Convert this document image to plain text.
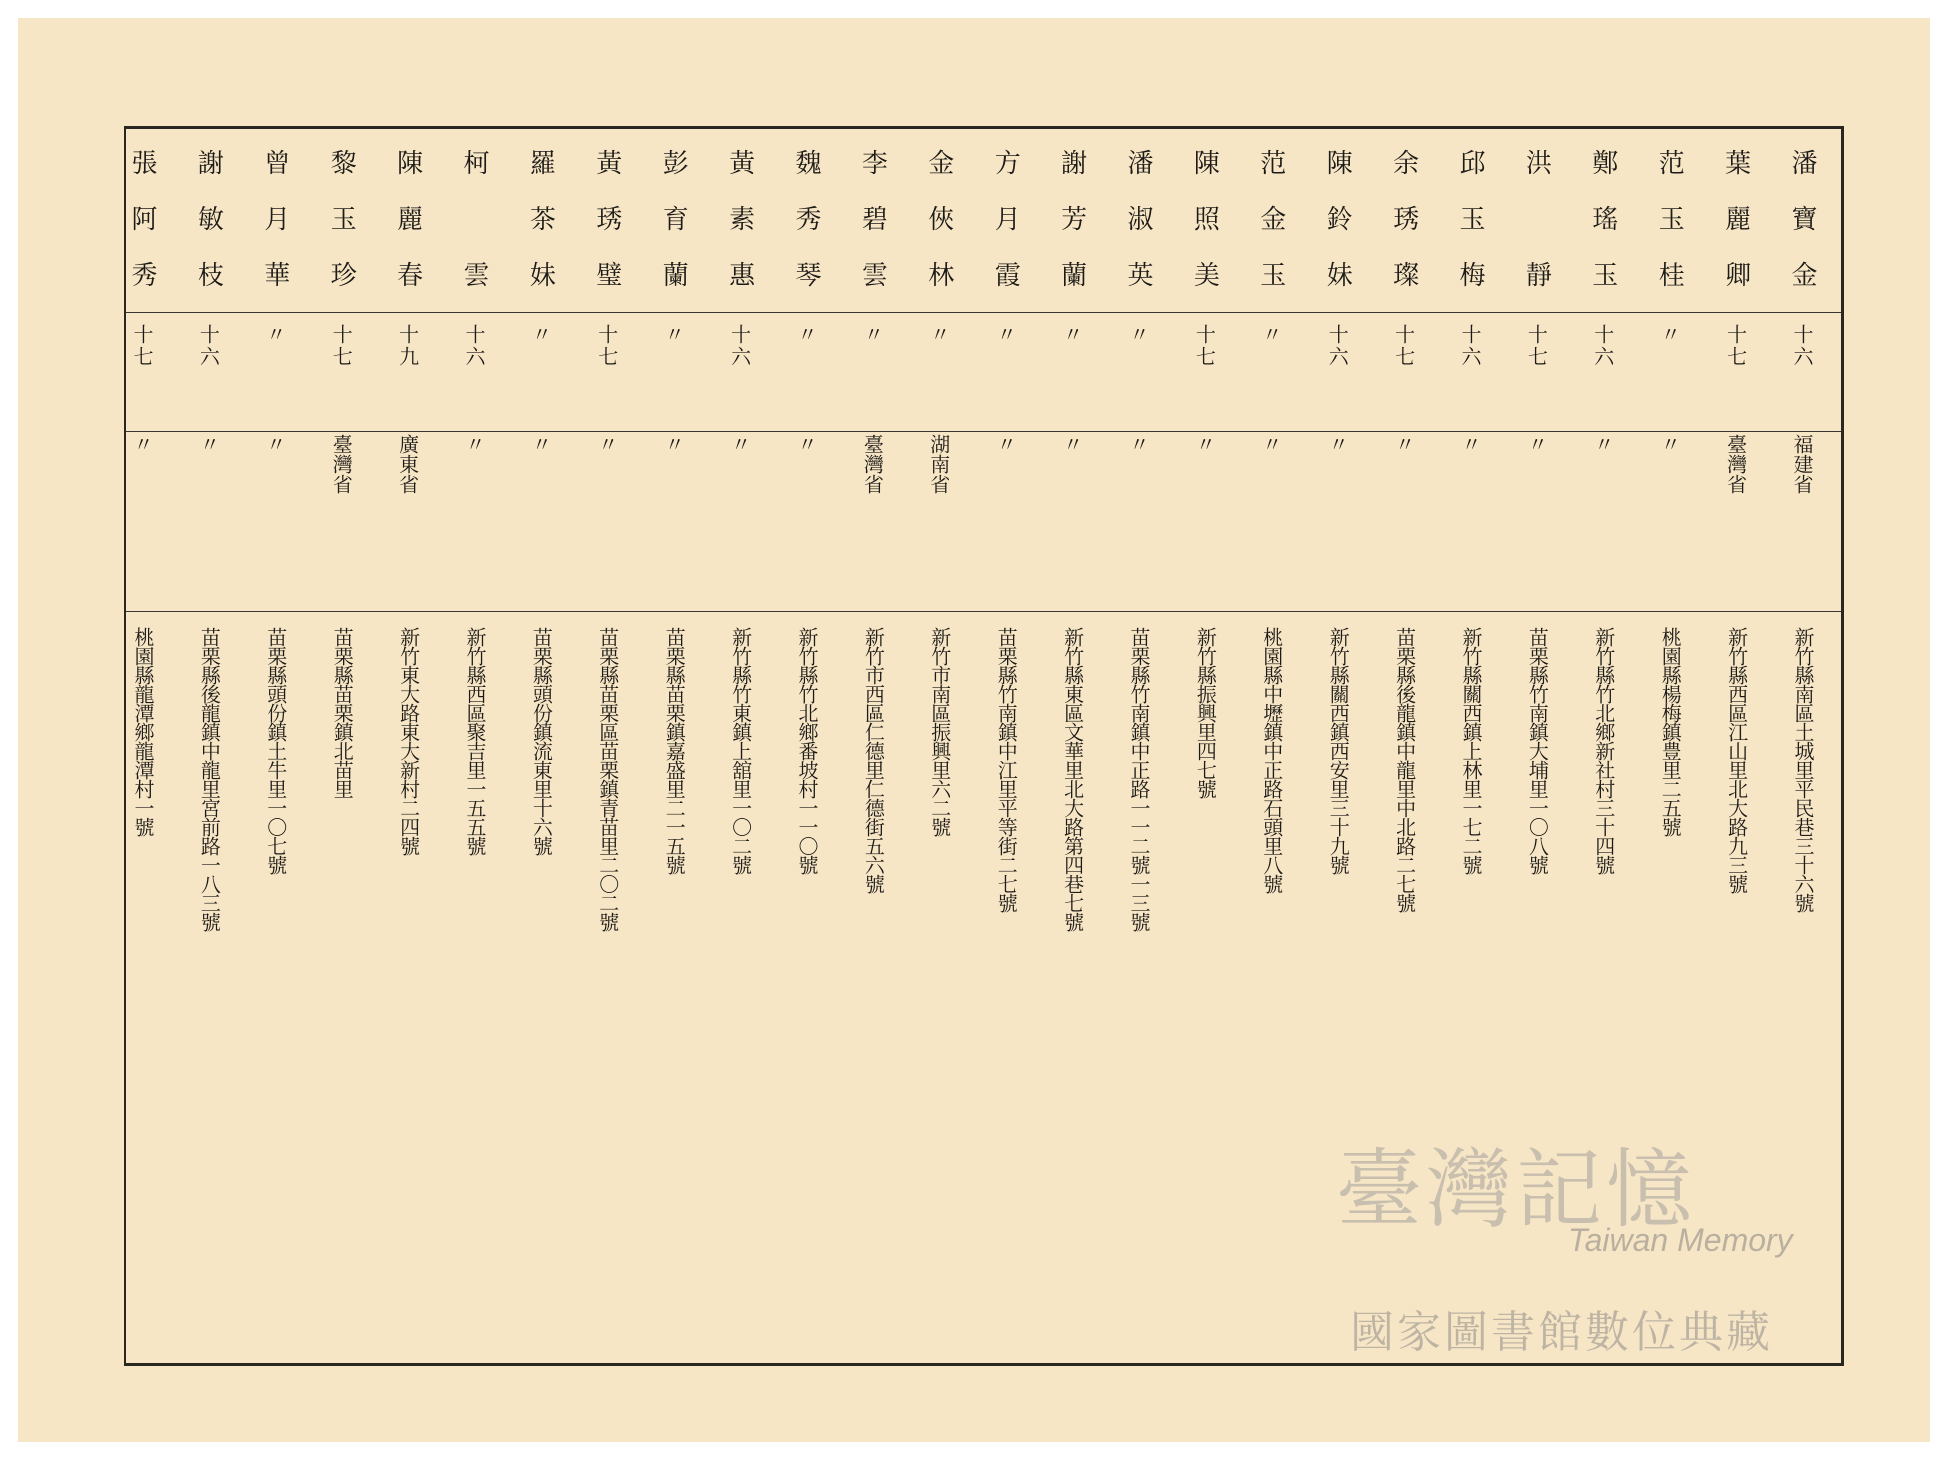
潘寶金
十六
福建省
新竹縣南區土城里平民巷三十六號
葉麗卿
十七
臺灣省
新竹縣西區江山里北大路九三號
范玉桂
〃
〃
桃園縣楊梅鎮豊里二五號
鄭瑤玉
十六
〃
新竹縣竹北鄉新社村三十四號
洪　靜
十七
〃
苗栗縣竹南鎮大埔里一〇八號
邱玉梅
十六
〃
新竹縣關西鎮上林里一七二號
余琇璨
十七
〃
苗栗縣後龍鎮中龍里中北路二七號
陳鈴妹
十六
〃
新竹縣關西鎮西安里三十九號
范金玉
〃
〃
桃園縣中壢鎮中正路石頭里八號
陳照美
十七
〃
新竹縣振興里四七號
潘淑英
〃
〃
苗栗縣竹南鎮中正路一一二號一三號
謝芳蘭
〃
〃
新竹縣東區文華里北大路第四巷七號
方月霞
〃
〃
苗栗縣竹南鎮中江里平等街二七號
金俠林
〃
湖南省
新竹市南區振興里六二號
李碧雲
〃
臺灣省
新竹市西區仁德里仁德街五六號
魏秀琴
〃
〃
新竹縣竹北鄉番坡村一一〇號
黃素惠
十六
〃
新竹縣竹東鎮上舘里一〇二號
彭育蘭
〃
〃
苗栗縣苗栗鎮嘉盛里二一五號
黃琇璧
十七
〃
苗栗縣苗栗區苗栗鎮青苗里二〇二號
羅茶妹
〃
〃
苗栗縣頭份鎮流東里十六號
柯　雲
十六
〃
新竹縣西區聚吉里一五五號
陳麗春
十九
廣東省
新竹東大路東大新村二四號
黎玉珍
十七
臺灣省
苗栗縣苗栗鎮北苗里
曾月華
〃
〃
苗栗縣頭份鎮土牛里一〇七號
謝敏枝
十六
〃
苗栗縣後龍鎮中龍里宮前路一八三號
張阿秀
十七
〃
桃園縣龍潭鄉龍潭村一號
臺灣記憶
Taiwan Memory
國家圖書館數位典藏
